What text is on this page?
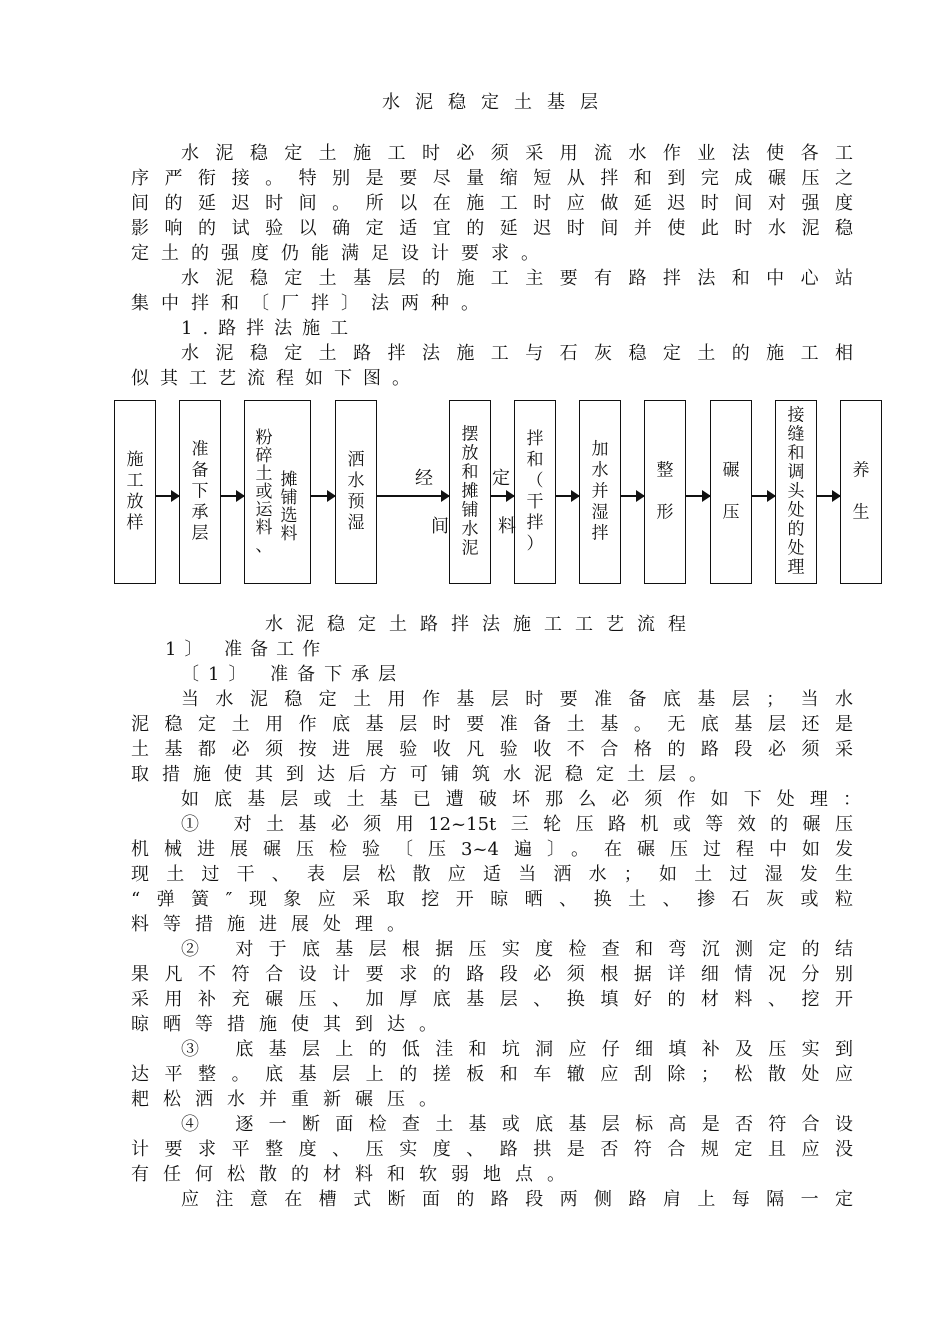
水泥稳定土基层
水泥稳定土施工时必须采用流水作业法使各工
序严衔接。特别是要尽量缩短从拌和到完成碾压之
间的延迟时间。所以在施工时应做延迟时间对强度
影响的试验以确定适宜的延迟时间并使此时水泥稳
定土的强度仍能满足设计要求。
水泥稳定土基层的施工主要有路拌法和中心站
集中拌和〔厂拌〕法两种。
1.路拌法施工
水泥稳定土路拌法施工与石灰稳定土的施工相
似其工艺流程如下图。
施
工
放
样
准
备
下
承
层
粉
碎
土
或
运
料
、
摊
铺
选
料
洒
水
预
湿
摆
放
和
摊
铺
水
泥
拌
和
（
干
拌
）
加
水
并
湿
拌
整

形
碾

压
接
缝
和
调
头
处
的
处
理
养

生
经
间
定
料
水泥稳定土路拌法施工工艺流程
1〕 准备工作
〔1〕 准备下承层
当水泥稳定土用作基层时要准备底基层；当水
泥稳定土用作底基层时要准备土基。无底基层还是
土基都必须按进展验收凡验收不合格的路段必须采
取措施使其到达后方可铺筑水泥稳定土层。
如底基层或土基已遭破坏那么必须作如下处理：
① 对土基必须用12~15t三轮压路机或等效的碾压
机械进展碾压检验〔压3~4遍〕。在碾压过程中如发
现土过干、表层松散应适当洒水；如土过湿发生
“弹簧″现象应采取挖开晾晒、换土、掺石灰或粒
料等措施进展处理。
② 对于底基层根据压实度检查和弯沉测定的结
果凡不符合设计要求的路段必须根据详细情况分别
采用补充碾压、加厚底基层、换填好的材料、挖开
晾晒等措施使其到达。
③ 底基层上的低洼和坑洞应仔细填补及压实到
达平整。底基层上的搓板和车辙应刮除；松散处应
耙松洒水并重新碾压。
④ 逐一断面检查土基或底基层标高是否符合设
计要求平整度、压实度、路拱是否符合规定且应没
有任何松散的材料和软弱地点。
应注意在槽式断面的路段两侧路肩上每隔一定
